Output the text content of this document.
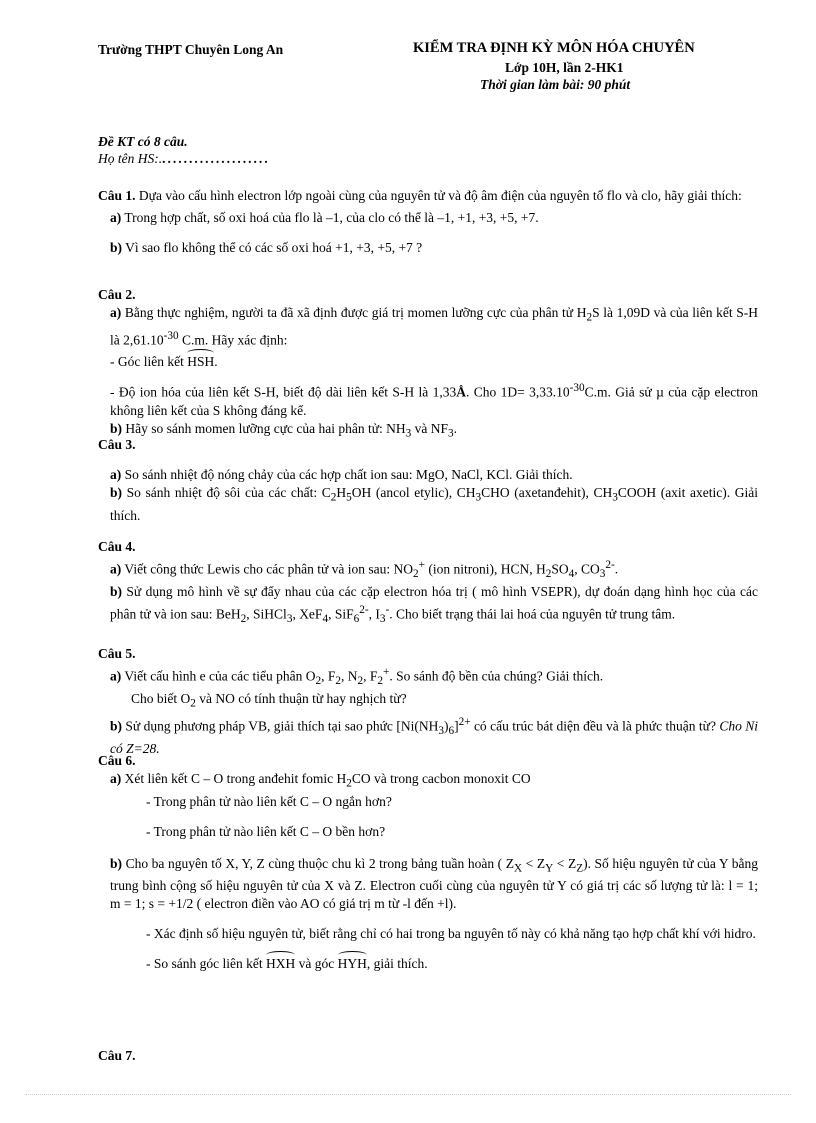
Trường THPT Chuyên Long An	KIỂM TRA ĐỊNH KỲ MÔN HÓA CHUYÊN
Lớp 10H, lần 2-HK1
Thời gian làm bài: 90 phút
Đề KT có 8 câu.
Họ tên HS:.....................
Câu 1. Dựa vào cấu hình electron lớp ngoài cùng của nguyên tử và độ âm điện của nguyên tố flo và clo, hãy giải thích:
a) Trong hợp chất, số oxi hoá của flo là –1, của clo có thể là –1, +1, +3, +5, +7.
b) Vì sao flo không thể có các số oxi hoá +1, +3, +5, +7 ?
Câu 2.
a) Bằng thực nghiệm, người ta đã xã định được giá trị momen lưỡng cực của phân tử $H_2S$ là 1,09D và của liên kết S-H là $2,61.10^{-30}$ C.m. Hãy xác định:
- Góc liên kết HSH.
- Độ ion hóa của liên kết S-H, biết độ dài liên kết S-H là 1,33Å. Cho $1D= 3,33.10^{-30}C.m$. Giả sử µ của cặp electron không liên kết của S không đáng kể.
b) Hãy so sánh momen lưỡng cực của hai phân tử: $NH_3$ và $NF_3$.
Câu 3.
a) So sánh nhiệt độ nóng chảy của các hợp chất ion sau: MgO, NaCl, KCl. Giải thích.
b) So sánh nhiệt độ sôi của các chất: $C_2H_5OH$ (ancol etylic), $CH_3CHO$ (axetanđehit), $CH_3COOH$ (axit axetic). Giải thích.
Câu 4.
a) Viết công thức Lewis cho các phân tử và ion sau: $NO_2^+$ (ion nitroni), HCN, $H_2SO_4$, $CO_3^{2-}$.
b) Sử dụng mô hình về sự đẩy nhau của các cặp electron hóa trị ( mô hình VSEPR), dự đoán dạng hình học của các phân tử và ion sau: BeH$_2$, SiHCl$_3$, XeF$_4$, SiF$_6^{2-}$, $I_3^-$. Cho biết trạng thái lai hoá của nguyên tử trung tâm.
Câu 5.
a) Viết cấu hình e của các tiểu phân $O_2$, $F_2$, $N_2$, $F_2^+$. So sánh độ bền của chúng? Giải thích.
Cho biết $O_2$ và NO có tính thuận từ hay nghịch từ?
b) Sử dụng phương pháp VB, giải thích tại sao phức $[Ni(NH_3)_6]^{2+}$ có cấu trúc bát diện đều và là phức thuận từ? Cho Ni có Z=28.
Câu 6.
a) Xét liên kết C – O trong anđehit fomic $H_2CO$ và trong cacbon monoxit CO
- Trong phân tử nào liên kết C – O ngắn hơn?
- Trong phân tử nào liên kết C – O bền hơn?
b) Cho ba nguyên tố X, Y, Z cùng thuộc chu kì 2 trong bảng tuần hoàn ( $Z_X < Z_Y < Z_Z$). Số hiệu nguyên tử của Y bằng trung bình cộng số hiệu nguyên tử của X và Z. Electron cuối cùng của nguyên tử Y có giá trị các số lượng tử là: l = 1; m = 1; s = +1/2 ( electron điền vào AO có giá trị m từ -l đến +l).
- Xác định số hiệu nguyên tử, biết rằng chỉ có hai trong ba nguyên tố này có khả năng tạo hợp chất khí với hidro.
- So sánh góc liên kết HXH và góc HYH, giải thích.
Câu 7.
